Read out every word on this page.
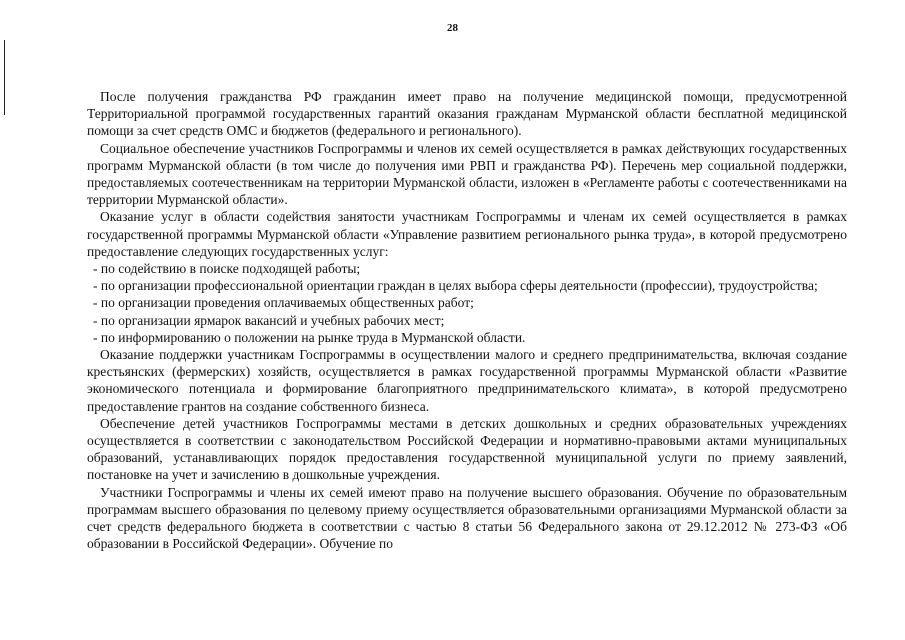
28

После получения гражданства РФ гражданин имеет право на получение медицинской помощи, предусмотренной Территориальной программой государственных гарантий оказания гражданам Мурманской области бесплатной медицинской помощи за счет средств ОМС и бюджетов (федерального и регионального).

Социальное обеспечение участников Госпрограммы и членов их семей осуществляется в рамках действующих государственных программ Мурманской области (в том числе до получения ими РВП и гражданства РФ). Перечень мер социальной поддержки, предоставляемых соотечественникам на территории Мурманской области, изложен в «Регламенте работы с соотечественниками на территории Мурманской области».

Оказание услуг в области содействия занятости участникам Госпрограммы и членам их семей осуществляется в рамках государственной программы Мурманской области «Управление развитием регионального рынка труда», в которой предусмотрено предоставление следующих государственных услуг:

- по содействию в поиске подходящей работы;

- по организации профессиональной ориентации граждан в целях выбора сферы деятельности (профессии), трудоустройства;

- по организации проведения оплачиваемых общественных работ;

- по организации ярмарок вакансий и учебных рабочих мест;

- по информированию о положении на рынке труда в Мурманской области.

Оказание поддержки участникам Госпрограммы в осуществлении малого и среднего предпринимательства, включая создание крестьянских (фермерских) хозяйств, осуществляется в рамках государственной программы Мурманской области «Развитие экономического потенциала и формирование благоприятного предпринимательского климата», в которой предусмотрено предоставление грантов на создание собственного бизнеса.

Обеспечение детей участников Госпрограммы местами в детских дошкольных и средних образовательных учреждениях осуществляется в соответствии с законодательством Российской Федерации и нормативно-правовыми актами муниципальных образований, устанавливающих порядок предоставления государственной муниципальной услуги по приему заявлений, постановке на учет и зачислению в дошкольные учреждения.

Участники Госпрограммы и члены их семей имеют право на получение высшего образования. Обучение по образовательным программам высшего образования по целевому приему осуществляется образовательными организациями Мурманской области за счет средств федерального бюджета в соответствии с частью 8 статьи 56 Федерального закона от 29.12.2012 № 273-ФЗ «Об образовании в Российской Федерации». Обучение по
